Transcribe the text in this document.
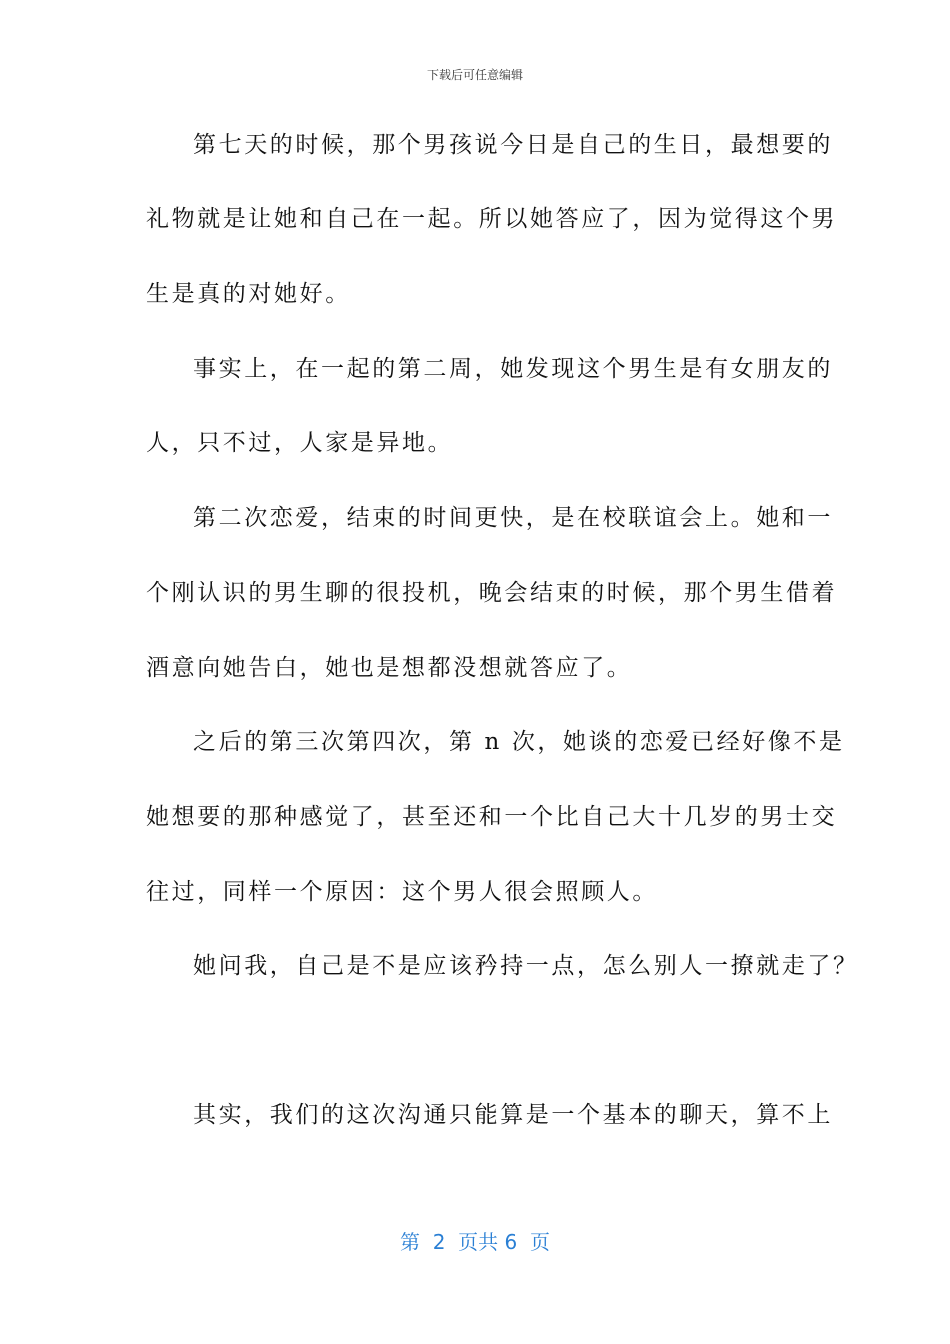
下载后可任意编辑
第七天的时候，那个男孩说今日是自己的生日，最想要的
礼物就是让她和自己在一起。所以她答应了，因为觉得这个男
生是真的对她好。
事实上，在一起的第二周，她发现这个男生是有女朋友的
人，只不过，人家是异地。
第二次恋爱，结束的时间更快，是在校联谊会上。她和一
个刚认识的男生聊的很投机，晚会结束的时候，那个男生借着
酒意向她告白，她也是想都没想就答应了。
之后的第三次第四次，第 n 次，她谈的恋爱已经好像不是
她想要的那种感觉了，甚至还和一个比自己大十几岁的男士交
往过，同样一个原因：这个男人很会照顾人。
她问我，自己是不是应该矜持一点，怎么别人一撩就走了？
其实，我们的这次沟通只能算是一个基本的聊天，算不上
第  2  页共 6  页
